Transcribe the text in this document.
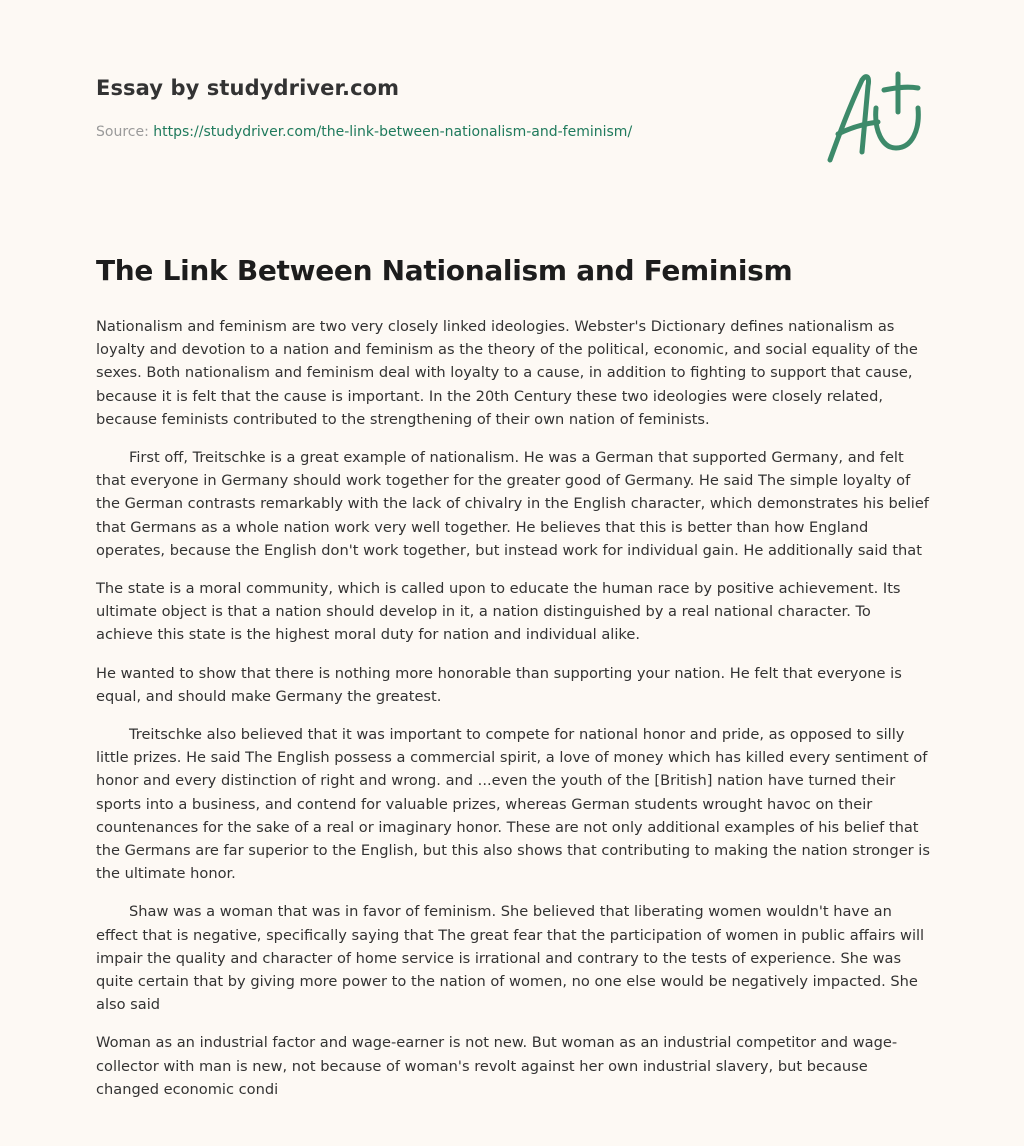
Essay by studydriver.com
Source: https://studydriver.com/the-link-between-nationalism-and-feminism/
The Link Between Nationalism and Feminism

Nationalism and feminism are two very closely linked ideologies. Webster's Dictionary defines nationalism as loyalty and devotion to a nation and feminism as the theory of the political, economic, and social equality of the sexes. Both nationalism and feminism deal with loyalty to a cause, in addition to fighting to support that cause, because it is felt that the cause is important. In the 20th Century these two ideologies were closely related, because feminists contributed to the strengthening of their own nation of feminists.

First off, Treitschke is a great example of nationalism. He was a German that supported Germany, and felt that everyone in Germany should work together for the greater good of Germany. He said The simple loyalty of the German contrasts remarkably with the lack of chivalry in the English character, which demonstrates his belief that Germans as a whole nation work very well together. He believes that this is better than how England operates, because the English don't work together, but instead work for individual gain. He additionally said that

The state is a moral community, which is called upon to educate the human race by positive achievement. Its ultimate object is that a nation should develop in it, a nation distinguished by a real national character. To achieve this state is the highest moral duty for nation and individual alike.

He wanted to show that there is nothing more honorable than supporting your nation. He felt that everyone is equal, and should make Germany the greatest.

Treitschke also believed that it was important to compete for national honor and pride, as opposed to silly little prizes. He said The English possess a commercial spirit, a love of money which has killed every sentiment of honor and every distinction of right and wrong. and ...even the youth of the [British] nation have turned their sports into a business, and contend for valuable prizes, whereas German students wrought havoc on their countenances for the sake of a real or imaginary honor. These are not only additional examples of his belief that the Germans are far superior to the English, but this also shows that contributing to making the nation stronger is the ultimate honor.

Shaw was a woman that was in favor of feminism. She believed that liberating women wouldn't have an effect that is negative, specifically saying that The great fear that the participation of women in public affairs will impair the quality and character of home service is irrational and contrary to the tests of experience. She was quite certain that by giving more power to the nation of women, no one else would be negatively impacted. She also said

Woman as an industrial factor and wage-earner is not new. But woman as an industrial competitor and wage-collector with man is new, not because of woman's revolt against her own industrial slavery, but because changed economic condi
